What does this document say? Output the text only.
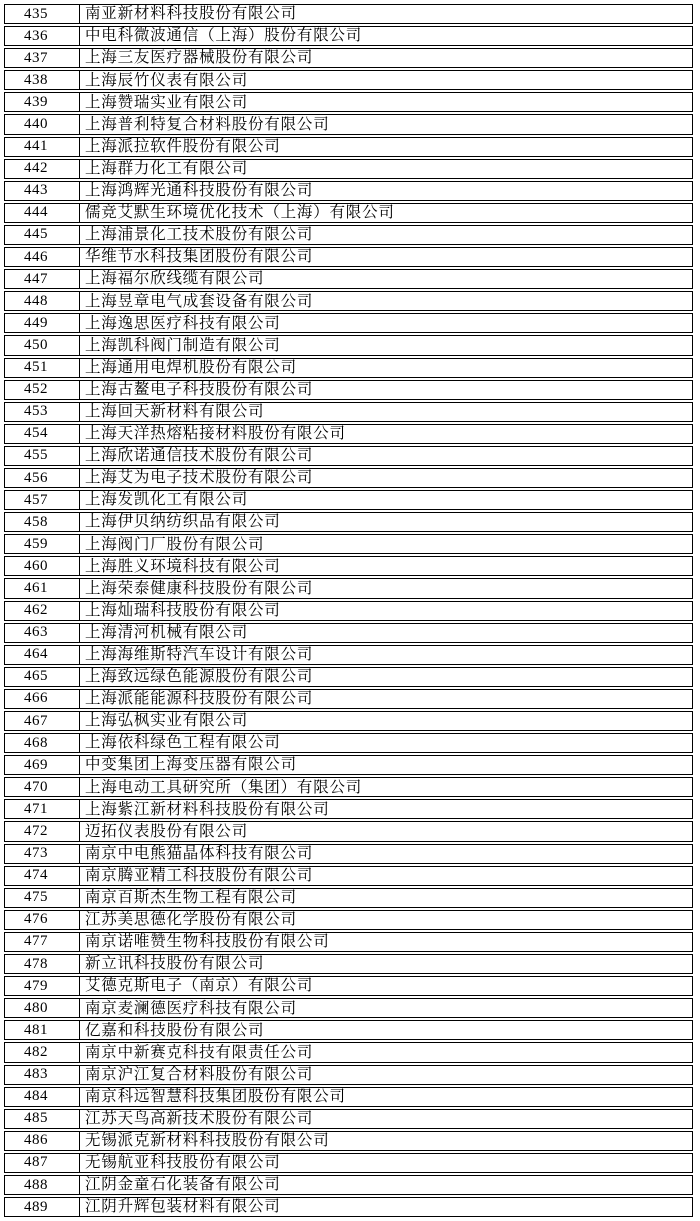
435	南亚新材料科技股份有限公司
436	中电科微波通信（上海）股份有限公司
437	上海三友医疗器械股份有限公司
438	上海辰竹仪表有限公司
439	上海赞瑞实业有限公司
440	上海普利特复合材料股份有限公司
441	上海派拉软件股份有限公司
442	上海群力化工有限公司
443	上海鸿辉光通科技股份有限公司
444	儒竞艾默生环境优化技术（上海）有限公司
445	上海浦景化工技术股份有限公司
446	华维节水科技集团股份有限公司
447	上海福尔欣线缆有限公司
448	上海昱章电气成套设备有限公司
449	上海逸思医疗科技有限公司
450	上海凯科阀门制造有限公司
451	上海通用电焊机股份有限公司
452	上海古鳌电子科技股份有限公司
453	上海回天新材料有限公司
454	上海天洋热熔粘接材料股份有限公司
455	上海欣诺通信技术股份有限公司
456	上海艾为电子技术股份有限公司
457	上海发凯化工有限公司
458	上海伊贝纳纺织品有限公司
459	上海阀门厂股份有限公司
460	上海胜义环境科技有限公司
461	上海荣泰健康科技股份有限公司
462	上海灿瑞科技股份有限公司
463	上海清河机械有限公司
464	上海海维斯特汽车设计有限公司
465	上海致远绿色能源股份有限公司
466	上海派能能源科技股份有限公司
467	上海弘枫实业有限公司
468	上海依科绿色工程有限公司
469	中变集团上海变压器有限公司
470	上海电动工具研究所（集团）有限公司
471	上海紫江新材料科技股份有限公司
472	迈拓仪表股份有限公司
473	南京中电熊猫晶体科技有限公司
474	南京腾亚精工科技股份有限公司
475	南京百斯杰生物工程有限公司
476	江苏美思德化学股份有限公司
477	南京诺唯赞生物科技股份有限公司
478	新立讯科技股份有限公司
479	艾德克斯电子（南京）有限公司
480	南京麦澜德医疗科技有限公司
481	亿嘉和科技股份有限公司
482	南京中新赛克科技有限责任公司
483	南京沪江复合材料股份有限公司
484	南京科远智慧科技集团股份有限公司
485	江苏天鸟高新技术股份有限公司
486	无锡派克新材料科技股份有限公司
487	无锡航亚科技股份有限公司
488	江阴金童石化装备有限公司
489	江阴升辉包装材料有限公司
